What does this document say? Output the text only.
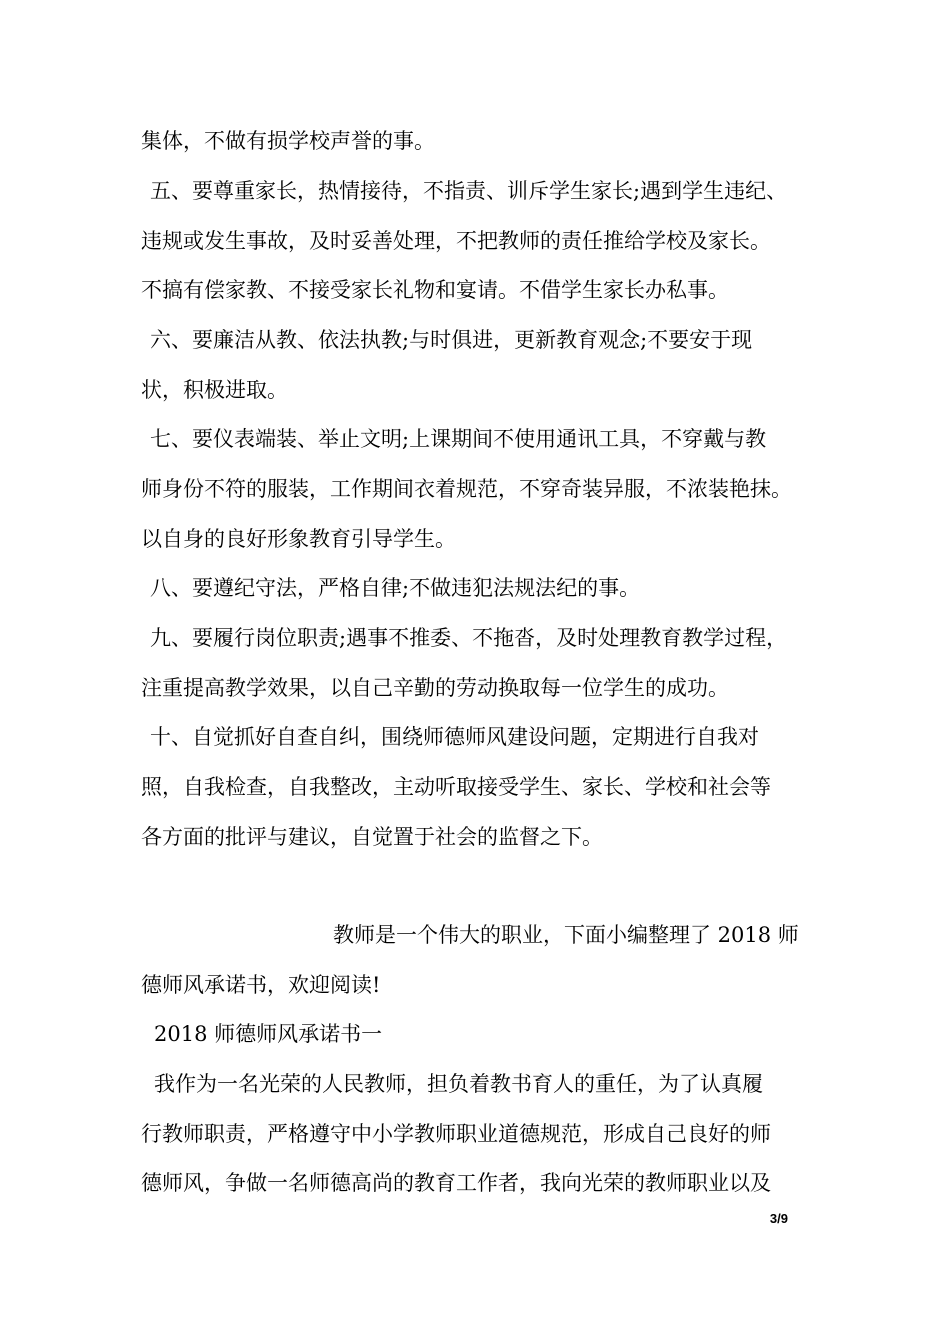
集体，不做有损学校声誉的事。
五、要尊重家长，热情接待，不指责、训斥学生家长;遇到学生违纪、
违规或发生事故，及时妥善处理，不把教师的责任推给学校及家长。
不搞有偿家教、不接受家长礼物和宴请。不借学生家长办私事。
六、要廉洁从教、依法执教;与时俱进，更新教育观念;不要安于现
状，积极进取。
七、要仪表端装、举止文明;上课期间不使用通讯工具，不穿戴与教
师身份不符的服装，工作期间衣着规范，不穿奇装异服，不浓装艳抹。
以自身的良好形象教育引导学生。
八、要遵纪守法，严格自律;不做违犯法规法纪的事。
九、要履行岗位职责;遇事不推委、不拖沓，及时处理教育教学过程，
注重提高教学效果，以自己辛勤的劳动换取每一位学生的成功。
十、自觉抓好自查自纠，围绕师德师风建设问题，定期进行自我对
照，自我检查，自我整改，主动听取接受学生、家长、学校和社会等
各方面的批评与建议，自觉置于社会的监督之下。
教师是一个伟大的职业，下面小编整理了 2018 师
德师风承诺书，欢迎阅读!
2018 师德师风承诺书一
我作为一名光荣的人民教师，担负着教书育人的重任，为了认真履
行教师职责，严格遵守中小学教师职业道德规范，形成自己良好的师
德师风，争做一名师德高尚的教育工作者，我向光荣的教师职业以及
3/9
